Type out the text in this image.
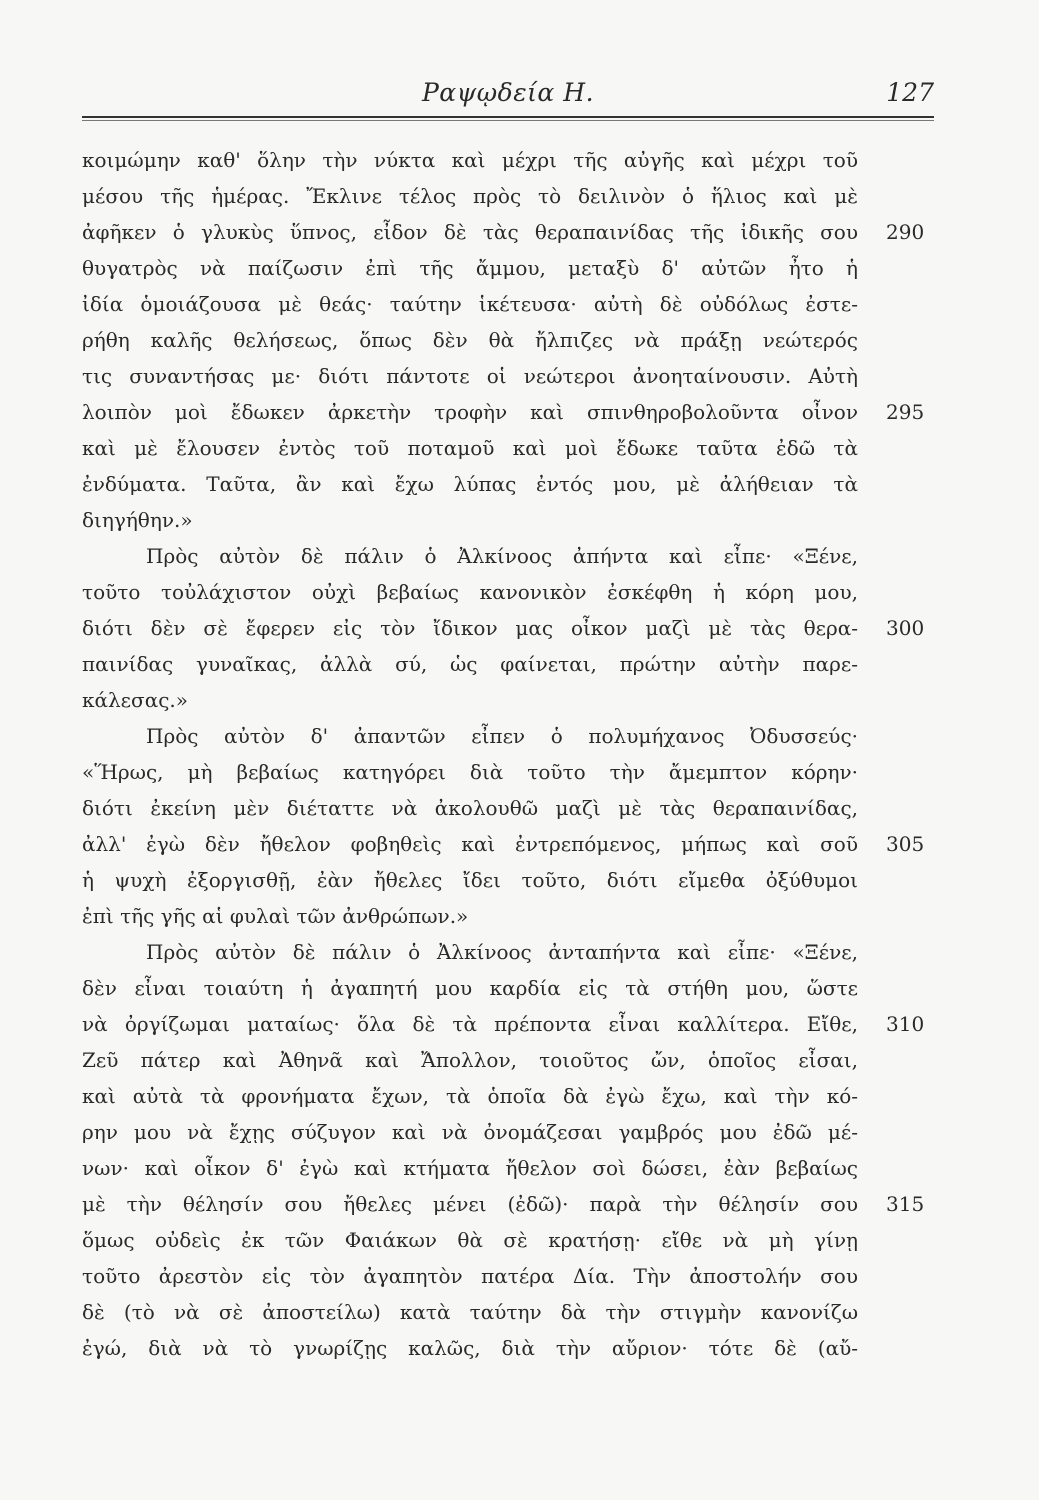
Ραψῳδεία Η.	127
κοιμώμην καθ' ὅλην τὴν νύκτα καὶ μέχρι τῆς αὐγῆς καὶ μέχρι τοῦ
μέσου τῆς ἡμέρας. Ἔκλινε τέλος πρὸς τὸ δειλινὸν ὁ ἥλιος καὶ μὲ
ἀφῆκεν ὁ γλυκὺς ὕπνος, εἶδον δὲ τὰς θεραπαινίδας τῆς ἰδικῆς σου
θυγατρὸς νὰ παίζωσιν ἐπὶ τῆς ἄμμου, μεταξὺ δ' αὐτῶν ἦτο ἡ
ἰδία ὁμοιάζουσα μὲ θεάς· ταύτην ἱκέτευσα· αὐτὴ δὲ οὐδόλως ἐστε-
ρήθη καλῆς θελήσεως, ὅπως δὲν θὰ ἤλπιζες νὰ πράξῃ νεώτερός
τις συναντήσας με· διότι πάντοτε οἱ νεώτεροι ἀνοηταίνουσιν. Αὐτὴ
λοιπὸν μοὶ ἔδωκεν ἀρκετὴν τροφὴν καὶ σπινθηροβολοῦντα οἶνον
καὶ μὲ ἔλουσεν ἐντὸς τοῦ ποταμοῦ καὶ μοὶ ἔδωκε ταῦτα ἐδῶ τὰ
ἐνδύματα. Ταῦτα, ἂν καὶ ἔχω λύπας ἐντός μου, μὲ ἀλήθειαν τὰ
διηγήθην.»
Πρὸς αὐτὸν δὲ πάλιν ὁ Ἀλκίνοος ἀπήντα καὶ εἶπε· «Ξένε,
τοῦτο τοὐλάχιστον οὐχὶ βεβαίως κανονικὸν ἐσκέφθη ἡ κόρη μου,
διότι δὲν σὲ ἔφερεν εἰς τὸν ἴδικον μας οἶκον μαζὶ μὲ τὰς θερα-
παινίδας γυναῖκας, ἀλλὰ σύ, ὡς φαίνεται, πρώτην αὐτὴν παρε-
κάλεσας.»
Πρὸς αὐτὸν δ' ἀπαντῶν εἶπεν ὁ πολυμήχανος Ὀδυσσεύς·
«Ἥρως, μὴ βεβαίως κατηγόρει διὰ τοῦτο τὴν ἄμεμπτον κόρην·
διότι ἐκείνη μὲν διέταττε νὰ ἀκολουθῶ μαζὶ μὲ τὰς θεραπαινίδας,
ἀλλ' ἐγὼ δὲν ἤθελον φοβηθεὶς καὶ ἐντρεπόμενος, μήπως καὶ σοῦ
ἡ ψυχὴ ἐξοργισθῇ, ἐὰν ἤθελες ἴδει τοῦτο, διότι εἴμεθα ὀξύθυμοι
ἐπὶ τῆς γῆς αἱ φυλαὶ τῶν ἀνθρώπων.»
Πρὸς αὐτὸν δὲ πάλιν ὁ Ἀλκίνοος ἀνταπήντα καὶ εἶπε· «Ξένε,
δὲν εἶναι τοιαύτη ἡ ἀγαπητή μου καρδία εἰς τὰ στήθη μου, ὥστε
νὰ ὀργίζωμαι ματαίως· ὅλα δὲ τὰ πρέποντα εἶναι καλλίτερα. Εἴθε,
Ζεῦ πάτερ καὶ Ἀθηνᾶ καὶ Ἄπολλον, τοιοῦτος ὤν, ὁποῖος εἶσαι,
καὶ αὐτὰ τὰ φρονήματα ἔχων, τὰ ὁποῖα δὰ ἐγὼ ἔχω, καὶ τὴν κό-
ρην μου νὰ ἔχῃς σύζυγον καὶ νὰ ὀνομάζεσαι γαμβρός μου ἐδῶ μέ-
νων· καὶ οἶκον δ' ἐγὼ καὶ κτήματα ἤθελον σοὶ δώσει, ἐὰν βεβαίως
μὲ τὴν θέλησίν σου ἤθελες μένει (ἐδῶ)· παρὰ τὴν θέλησίν σου
ὅμως οὐδεὶς ἐκ τῶν Φαιάκων θὰ σὲ κρατήσῃ· εἴθε νὰ μὴ γίνῃ
τοῦτο ἀρεστὸν εἰς τὸν ἀγαπητὸν πατέρα Δία. Τὴν ἀποστολήν σου
δὲ (τὸ νὰ σὲ ἀποστείλω) κατὰ ταύτην δὰ τὴν στιγμὴν κανονίζω
ἐγώ, διὰ νὰ τὸ γνωρίζῃς καλῶς, διὰ τὴν αὔριον· τότε δὲ (αὔ-
290
295
300
305
310
315
